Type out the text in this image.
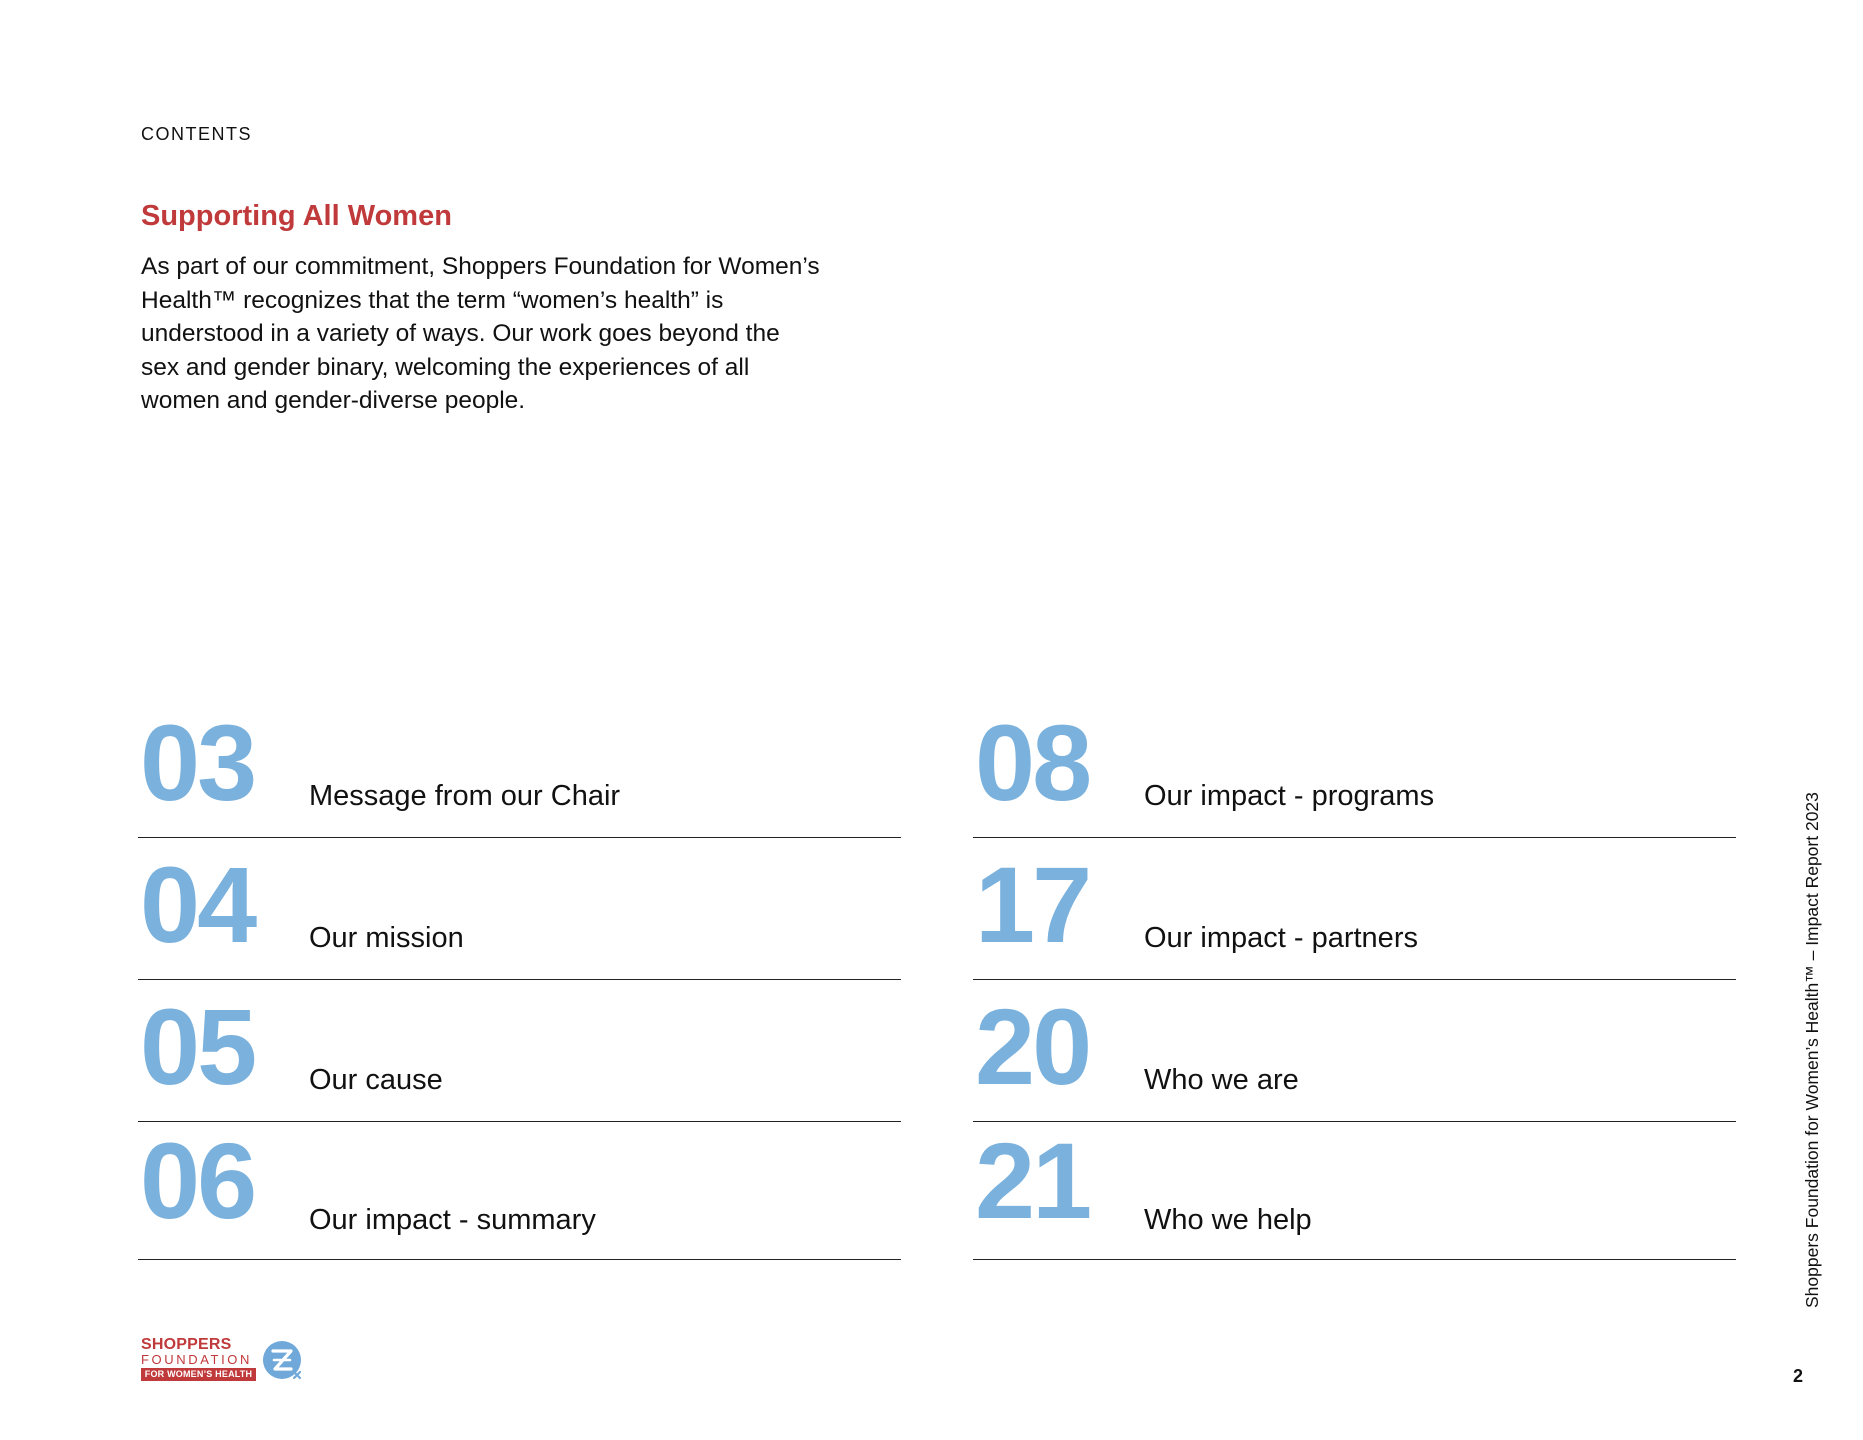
CONTENTS
Supporting All Women

As part of our commitment, Shoppers Foundation for Women’s Health™ recognizes that the term “women’s health” is understood in a variety of ways. Our work goes beyond the sex and gender binary, welcoming the experiences of all women and gender-diverse people.

03 Message from our Chair
04 Our mission
05 Our cause
06 Our impact - summary
08 Our impact - programs
17 Our impact - partners
20 Who we are
21 Who we help
SHOPPERS
FOUNDATION
FOR WOMEN’S HEALTH
Shoppers Foundation for Women’s Health™ – Impact Report 2023
2
